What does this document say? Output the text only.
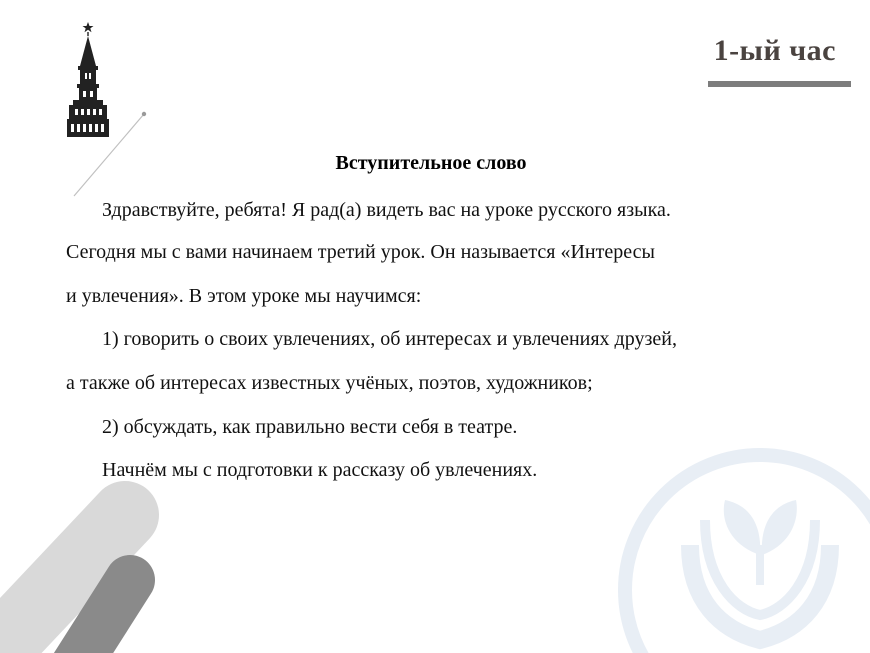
1-ый час
Вступительное слово
Здравствуйте, ребята! Я рад(а) видеть вас на уроке русского языка.
Сегодня мы с вами начинаем третий урок. Он называется «Интересы
и увлечения». В этом уроке мы научимся:
1) говорить о своих увлечениях, об интересах и увлечениях друзей,
а также об интересах известных учёных, поэтов, художников;
2) обсуждать, как правильно вести себя в театре.
Начнём мы с подготовки к рассказу об увлечениях.
